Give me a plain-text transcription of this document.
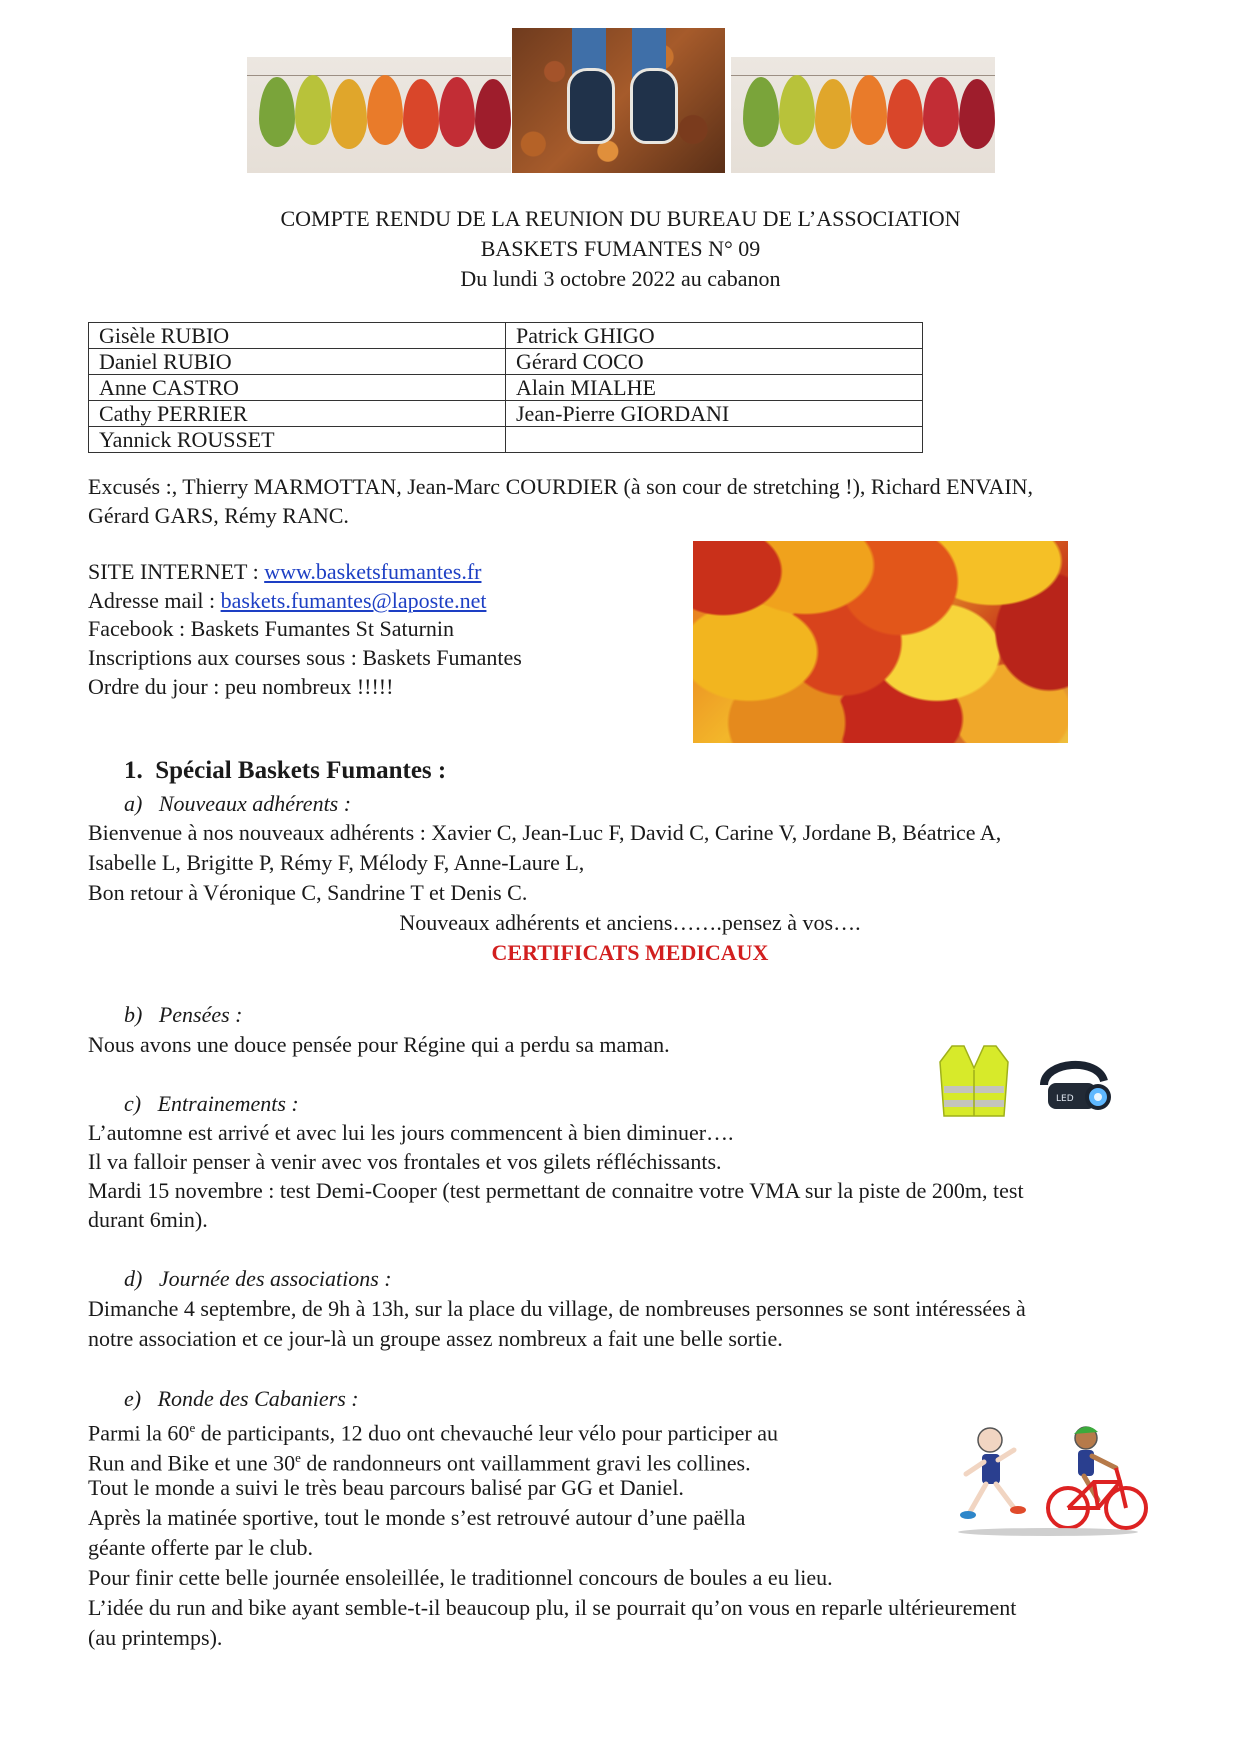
COMPTE RENDU DE LA REUNION DU BUREAU DE L’ASSOCIATION
BASKETS FUMANTES N° 09
Du lundi 3 octobre 2022 au cabanon
Gisèle RUBIO	Patrick GHIGO
Daniel RUBIO	Gérard COCO
Anne CASTRO	Alain MIALHE
Cathy PERRIER	Jean-Pierre GIORDANI
Yannick ROUSSET	
Excusés :, Thierry MARMOTTAN, Jean-Marc COURDIER (à son cour de stretching !), Richard ENVAIN,
Gérard GARS, Rémy RANC.
SITE INTERNET : www.basketsfumantes.fr
Adresse mail : baskets.fumantes@laposte.net
Facebook : Baskets Fumantes St Saturnin
Inscriptions aux courses sous : Baskets Fumantes
Ordre du jour : peu nombreux !!!!!
1. Spécial Baskets Fumantes :
a) Nouveaux adhérents :
Bienvenue à nos nouveaux adhérents : Xavier C, Jean-Luc F, David C, Carine V, Jordane B, Béatrice A,
Isabelle L, Brigitte P, Rémy F, Mélody F, Anne-Laure L,
Bon retour à Véronique C, Sandrine T et Denis C.
Nouveaux adhérents et anciens…….pensez à vos….
CERTIFICATS MEDICAUX
b) Pensées :
Nous avons une douce pensée pour Régine qui a perdu sa maman.
LED
c) Entrainements :
L’automne est arrivé et avec lui les jours commencent à bien diminuer….
Il va falloir penser à venir avec vos frontales et vos gilets réfléchissants.
Mardi 15 novembre : test Demi-Cooper (test permettant de connaitre votre VMA sur la piste de 200m, test
durant 6min).
d) Journée des associations :
Dimanche 4 septembre, de 9h à 13h, sur la place du village, de nombreuses personnes se sont intéressées à
notre association et ce jour-là un groupe assez nombreux a fait une belle sortie.
e) Ronde des Cabaniers :
Parmi la 60e de participants, 12 duo ont chevauché leur vélo pour participer au
Run and Bike et une 30e de randonneurs ont vaillamment gravi les collines.
Tout le monde a suivi le très beau parcours balisé par GG et Daniel.
Après la matinée sportive, tout le monde s’est retrouvé autour d’une paëlla
géante offerte par le club.
Pour finir cette belle journée ensoleillée, le traditionnel concours de boules a eu lieu.
L’idée du run and bike ayant semble-t-il beaucoup plu, il se pourrait qu’on vous en reparle ultérieurement
(au printemps).
